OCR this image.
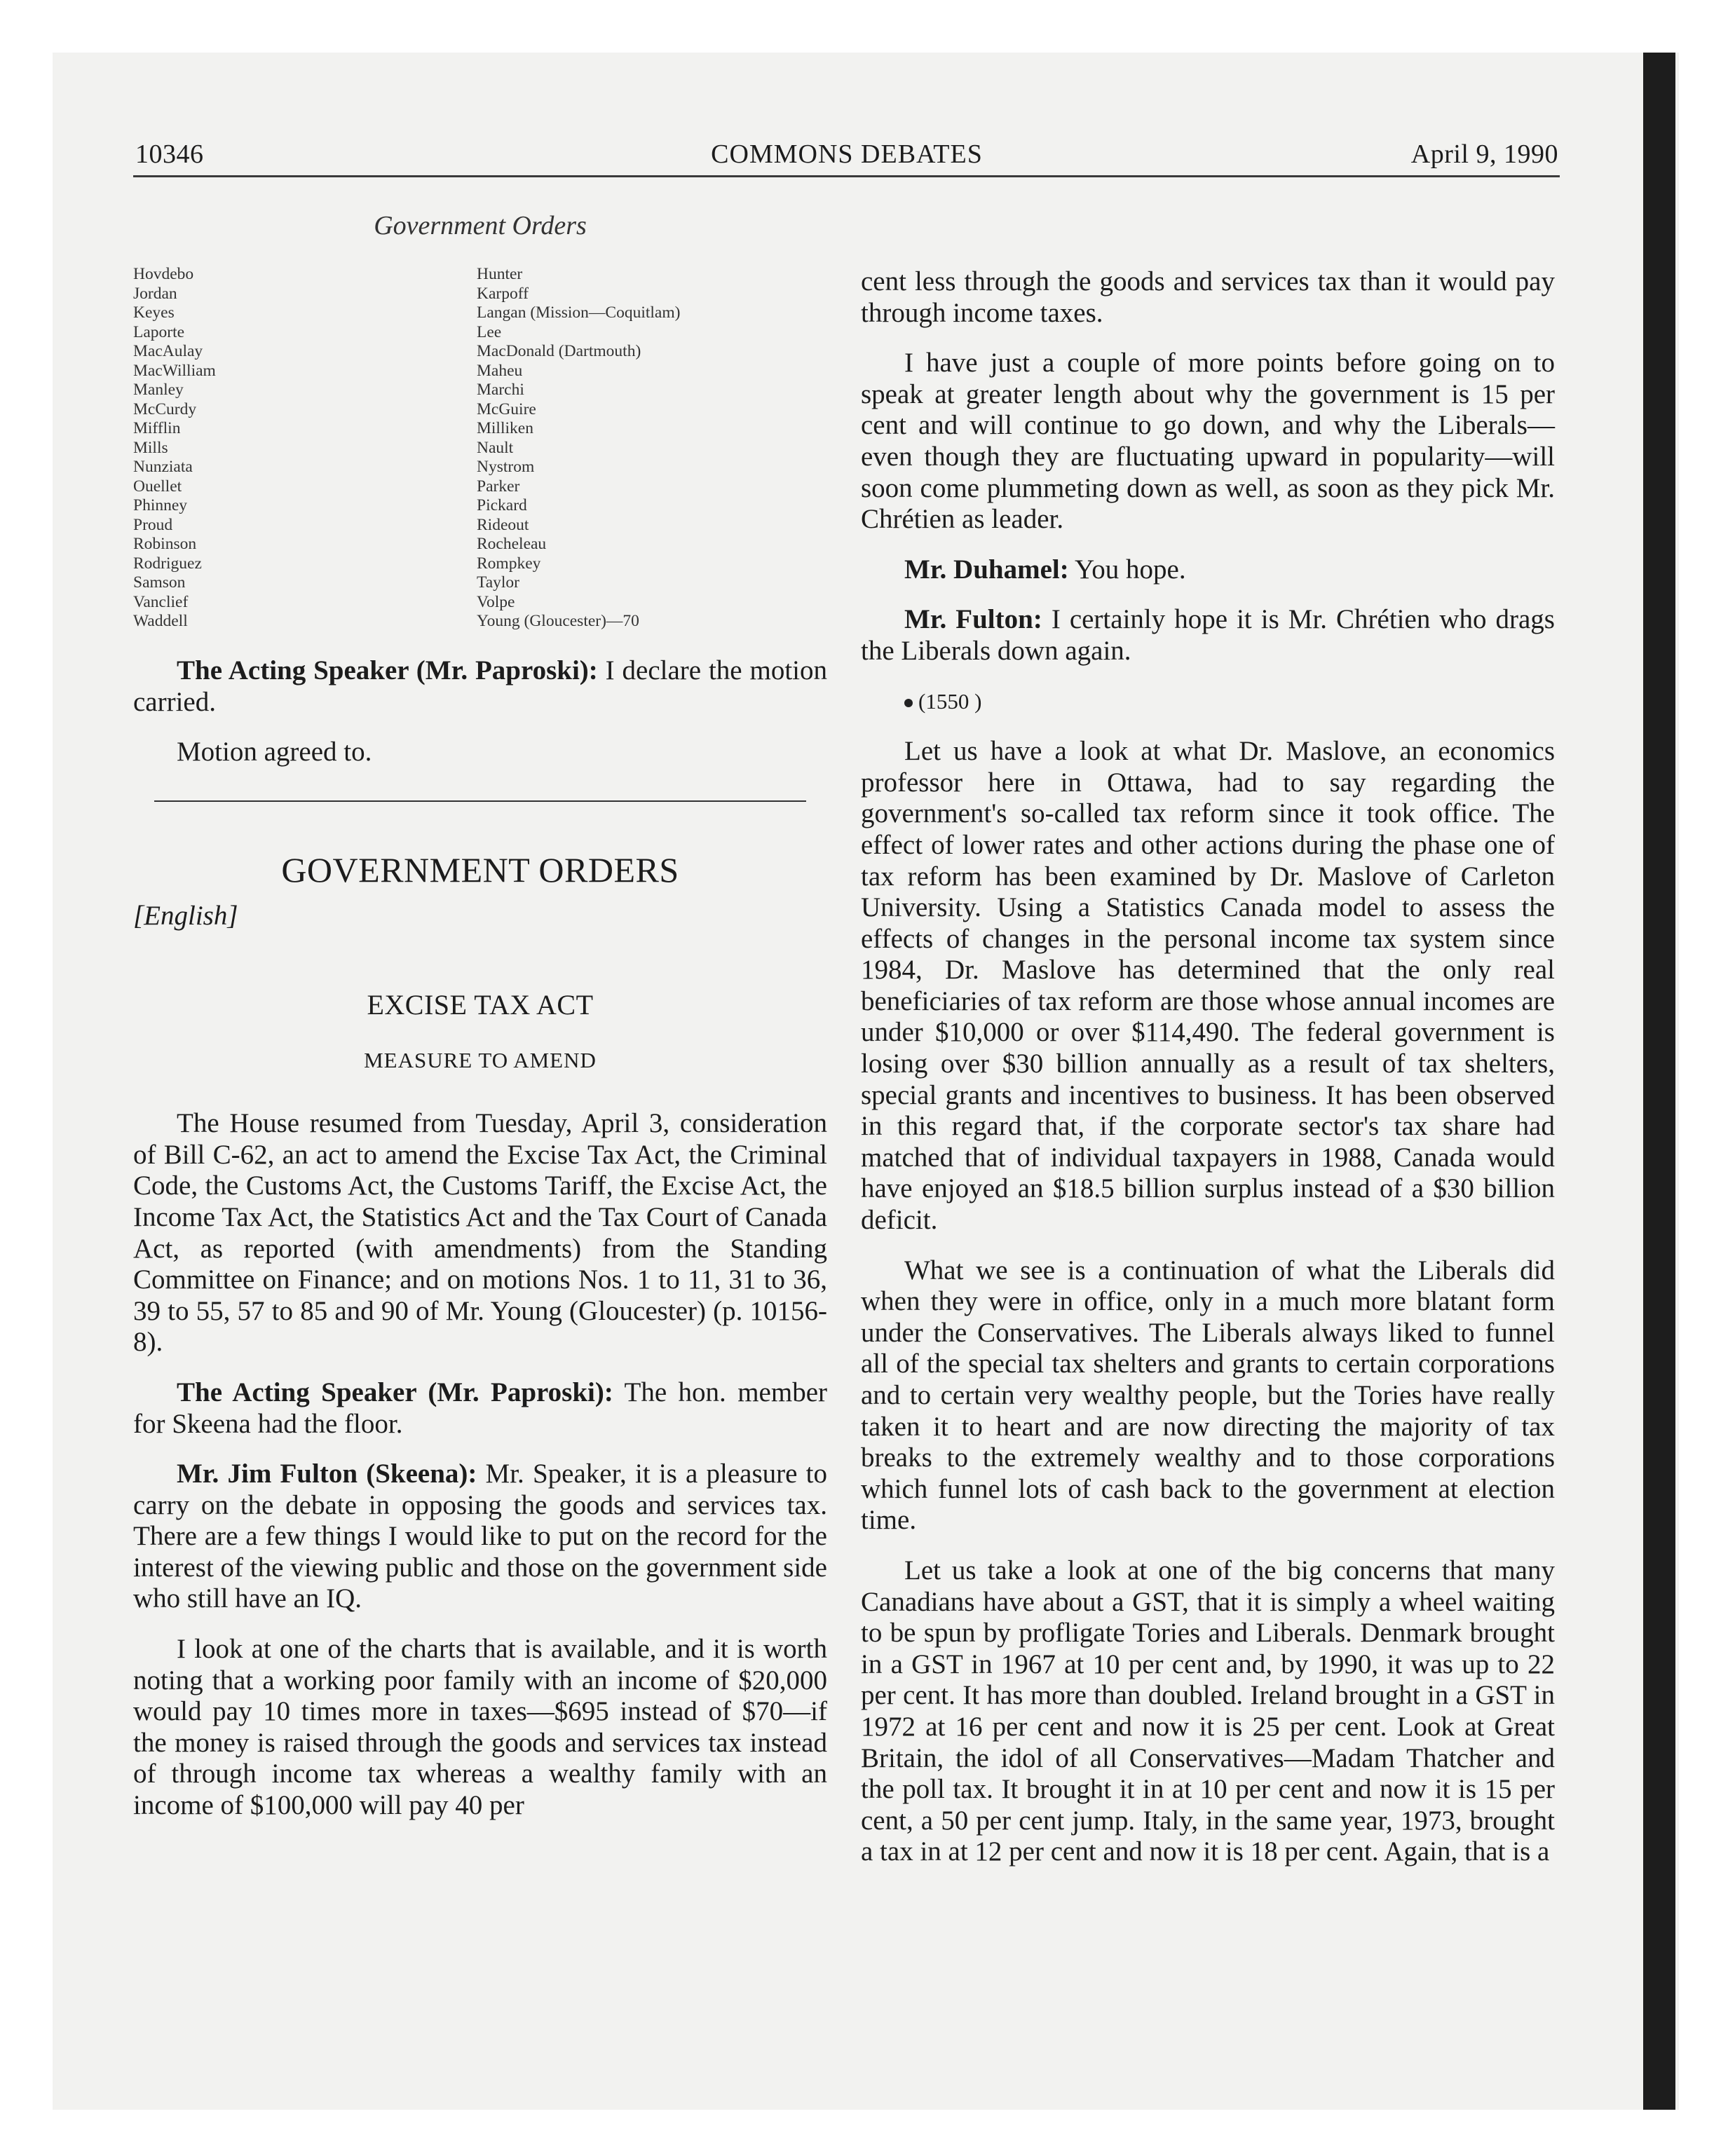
10346	COMMONS DEBATES	April 9, 1990
Government Orders
Hovdebo
Jordan
Keyes
Laporte
MacAulay
MacWilliam
Manley
McCurdy
Mifflin
Mills
Nunziata
Ouellet
Phinney
Proud
Robinson
Rodriguez
Samson
Vanclief
Waddell
Hunter
Karpoff
Langan (Mission—Coquitlam)
Lee
MacDonald (Dartmouth)
Maheu
Marchi
McGuire
Milliken
Nault
Nystrom
Parker
Pickard
Rideout
Rocheleau
Rompkey
Taylor
Volpe
Young (Gloucester)—70

The Acting Speaker (Mr. Paproski): I declare the motion carried.

Motion agreed to.

GOVERNMENT ORDERS
[English]
EXCISE TAX ACT
MEASURE TO AMEND

The House resumed from Tuesday, April 3, consideration of Bill C-62, an act to amend the Excise Tax Act, the Criminal Code, the Customs Act, the Customs Tariff, the Excise Act, the Income Tax Act, the Statistics Act and the Tax Court of Canada Act, as reported (with amendments) from the Standing Committee on Finance; and on motions Nos. 1 to 11, 31 to 36, 39 to 55, 57 to 85 and 90 of Mr. Young (Gloucester) (p. 10156-8).

The Acting Speaker (Mr. Paproski): The hon. member for Skeena had the floor.

Mr. Jim Fulton (Skeena): Mr. Speaker, it is a pleasure to carry on the debate in opposing the goods and services tax. There are a few things I would like to put on the record for the interest of the viewing public and those on the government side who still have an IQ.

I look at one of the charts that is available, and it is worth noting that a working poor family with an income of $20,000 would pay 10 times more in taxes—$695 instead of $70—if the money is raised through the goods and services tax instead of through income tax whereas a wealthy family with an income of $100,000 will pay 40 per

cent less through the goods and services tax than it would pay through income taxes.

I have just a couple of more points before going on to speak at greater length about why the government is 15 per cent and will continue to go down, and why the Liberals—even though they are fluctuating upward in popularity—will soon come plummeting down as well, as soon as they pick Mr. Chrétien as leader.

Mr. Duhamel: You hope.

Mr. Fulton: I certainly hope it is Mr. Chrétien who drags the Liberals down again.

(1550 )

Let us have a look at what Dr. Maslove, an economics professor here in Ottawa, had to say regarding the government's so-called tax reform since it took office. The effect of lower rates and other actions during the phase one of tax reform has been examined by Dr. Maslove of Carleton University. Using a Statistics Canada model to assess the effects of changes in the personal income tax system since 1984, Dr. Maslove has determined that the only real beneficiaries of tax reform are those whose annual incomes are under $10,000 or over $114,490. The federal government is losing over $30 billion annually as a result of tax shelters, special grants and incentives to business. It has been observed in this regard that, if the corporate sector's tax share had matched that of individual taxpayers in 1988, Canada would have enjoyed an $18.5 billion surplus instead of a $30 billion deficit.

What we see is a continuation of what the Liberals did when they were in office, only in a much more blatant form under the Conservatives. The Liberals always liked to funnel all of the special tax shelters and grants to certain corporations and to certain very wealthy people, but the Tories have really taken it to heart and are now directing the majority of tax breaks to the extremely wealthy and to those corporations which funnel lots of cash back to the government at election time.

Let us take a look at one of the big concerns that many Canadians have about a GST, that it is simply a wheel waiting to be spun by profligate Tories and Liberals. Denmark brought in a GST in 1967 at 10 per cent and, by 1990, it was up to 22 per cent. It has more than doubled. Ireland brought in a GST in 1972 at 16 per cent and now it is 25 per cent. Look at Great Britain, the idol of all Conservatives—Madam Thatcher and the poll tax. It brought it in at 10 per cent and now it is 15 per cent, a 50 per cent jump. Italy, in the same year, 1973, brought a tax in at 12 per cent and now it is 18 per cent. Again, that is a
